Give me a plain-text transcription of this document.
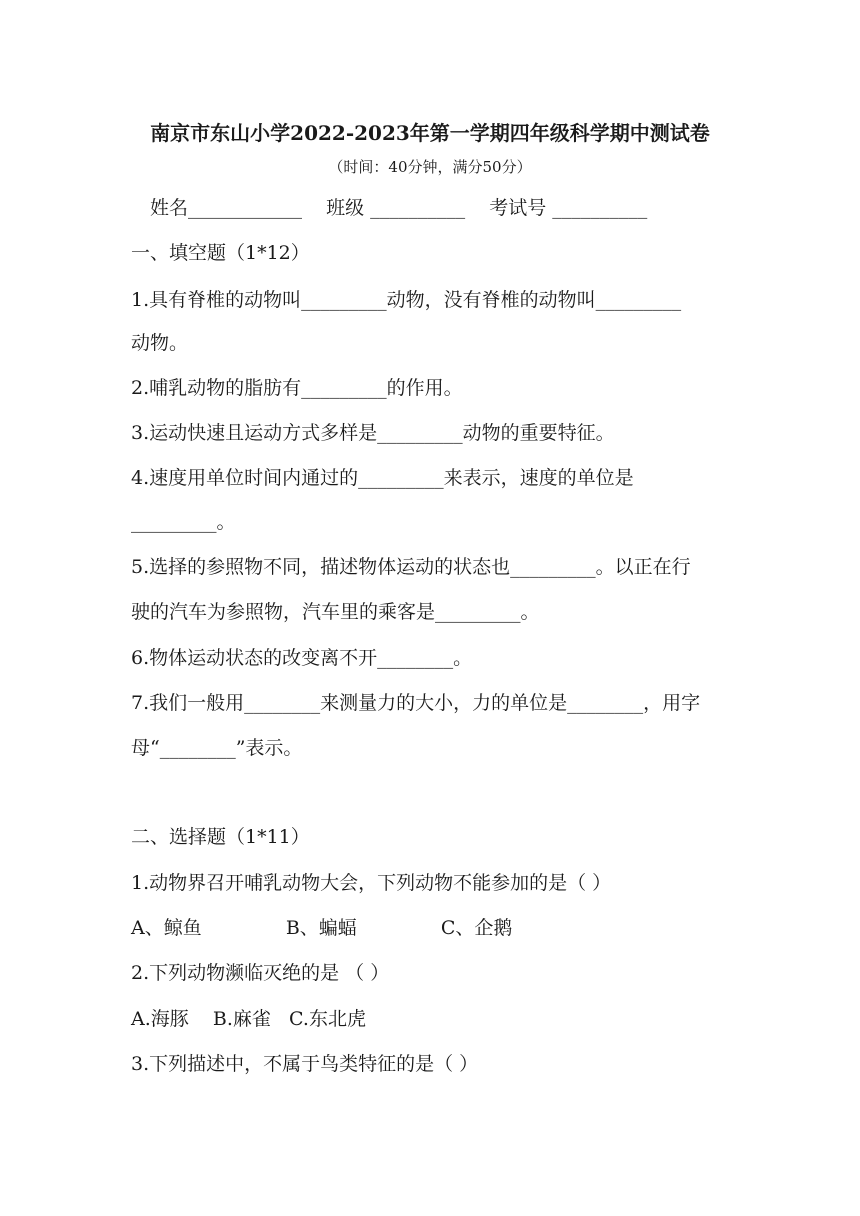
南京市东山小学2022-2023年第一学期四年级科学期中测试卷
（时间：40分钟，满分50分）
姓名____________ 班级 __________ 考试号 __________
一、填空题（1*12）
1.具有脊椎的动物叫_________动物，没有脊椎的动物叫_________
动物。
2.哺乳动物的脂肪有_________的作用。
3.运动快速且运动方式多样是_________动物的重要特征。
4.速度用单位时间内通过的_________来表示，速度的单位是
_________。
5.选择的参照物不同，描述物体运动的状态也_________。以正在行
驶的汽车为参照物，汽车里的乘客是_________。
6.物体运动状态的改变离不开________。
7.我们一般用________来测量力的大小，力的单位是________，用字
母“________”表示。
二、选择题（1*11）
1.动物界召开哺乳动物大会，下列动物不能参加的是（ ）
A、鲸鱼	B、蝙蝠	C、企鹅
2.下列动物濒临灭绝的是 （ ）
A.海豚    B.麻雀   C.东北虎
3.下列描述中，不属于鸟类特征的是（ ）
